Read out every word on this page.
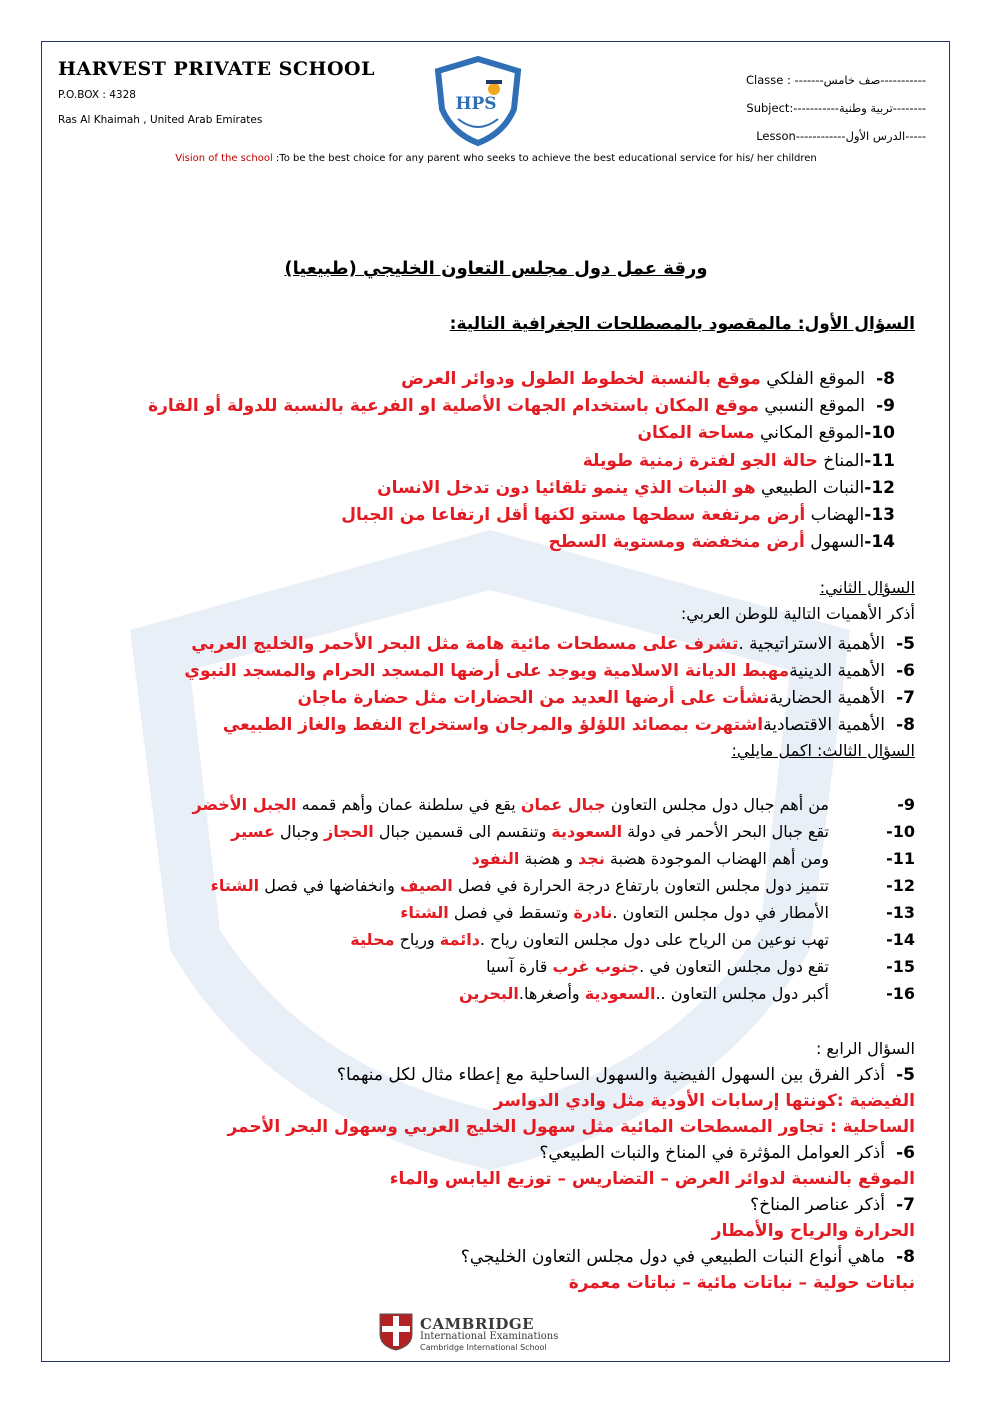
HARVEST PRIVATE SCHOOL
P.O.BOX : 4328
Ras Al Khaimah , United Arab Emirates
HPS
Classe : -------صف خامس-----------
Subject:-----------تربية وطنية--------
Lesson------------الدرس الأول-----
Vision of the school :To be the best choice for any parent who seeks to achieve the best educational service for his/ her children
ورقة عمل دول مجلس التعاون الخليجي (طبيعيا)
السؤال الأول: مالمقصود بالمصطلحات الجغرافية التالية:
8-الموقع الفلكي موقع بالنسبة لخطوط الطول ودوائر العرض
9-الموقع النسبي موقع المكان باستخدام الجهات الأصلية او الفرعية بالنسبة للدولة أو القارة
10-الموقع المكاني مساحة المكان
11-المناخ حالة الجو لفترة زمنية طويلة
12-النبات الطبيعي هو النبات الذي ينمو تلقائيا دون تدخل الانسان
13-الهضاب أرض مرتفعة سطحها مستو لكنها أقل ارتفاعا من الجبال
14-السهول أرض منخفضة ومستوية السطح
السؤال الثاني:
أذكر الأهميات التالية للوطن العربي:
5-الأهمية الاستراتيجية .تشرف على مسطحات مائية هامة مثل البحر الأحمر والخليج العربي
6-الأهمية الدينيةمهبط الديانة الاسلامية ويوجد على أرضها المسجد الحرام والمسجد النبوي
7-الأهمية الحضاريةنشأت على أرضها العديد من الحضارات مثل حضارة ماجان
8-الأهمية الاقتصاديةاشتهرت بمصائد اللؤلؤ والمرجان واستخراج النفط والغاز الطبيعي
السؤال الثالث: اكمل مايلي:
9-من أهم جبال دول مجلس التعاون جبال عمان يقع في سلطنة عمان وأهم قممه الجبل الأخضر
10-تقع جبال البحر الأحمر في دولة السعودية وتنقسم الى قسمين جبال الحجاز وجبال عسير
11-ومن أهم الهضاب الموجودة هضبة نجد و هضبة النفود
12-تتميز دول مجلس التعاون بارتفاع درجة الحرارة في فصل الصيف وانخفاضها في فصل الشتاء
13-الأمطار في دول مجلس التعاون .نادرة وتسقط في فصل الشتاء
14-تهب نوعين من الرياح على دول مجلس التعاون رياح .دائمة ورياح محلية
15-تقع دول مجلس التعاون في .جنوب غرب قارة آسيا
16-أكبر دول مجلس التعاون ..السعودية وأصغرها.البحرين
السؤال الرابع :
5-أذكر الفرق بين السهول الفيضية والسهول الساحلية مع إعطاء مثال لكل منهما؟
الفيضية :كونتها إرسابات الأودية مثل وادي الدواسر
الساحلية : تجاور المسطحات المائية مثل سهول الخليج العربي وسهول البحر الأحمر
6-أذكر العوامل المؤثرة في المناخ والنبات الطبيعي؟
الموقع بالنسبة لدوائر العرض – التضاريس – توزيع اليابس والماء
7-أذكر عناصر المناخ؟
الحرارة والرياح والأمطار
8-ماهي أنواع النبات الطبيعي في دول مجلس التعاون الخليجي؟
نباتات حولية – نباتات مائية – نباتات معمرة
CAMBRIDGE
International Examinations
Cambridge International School
